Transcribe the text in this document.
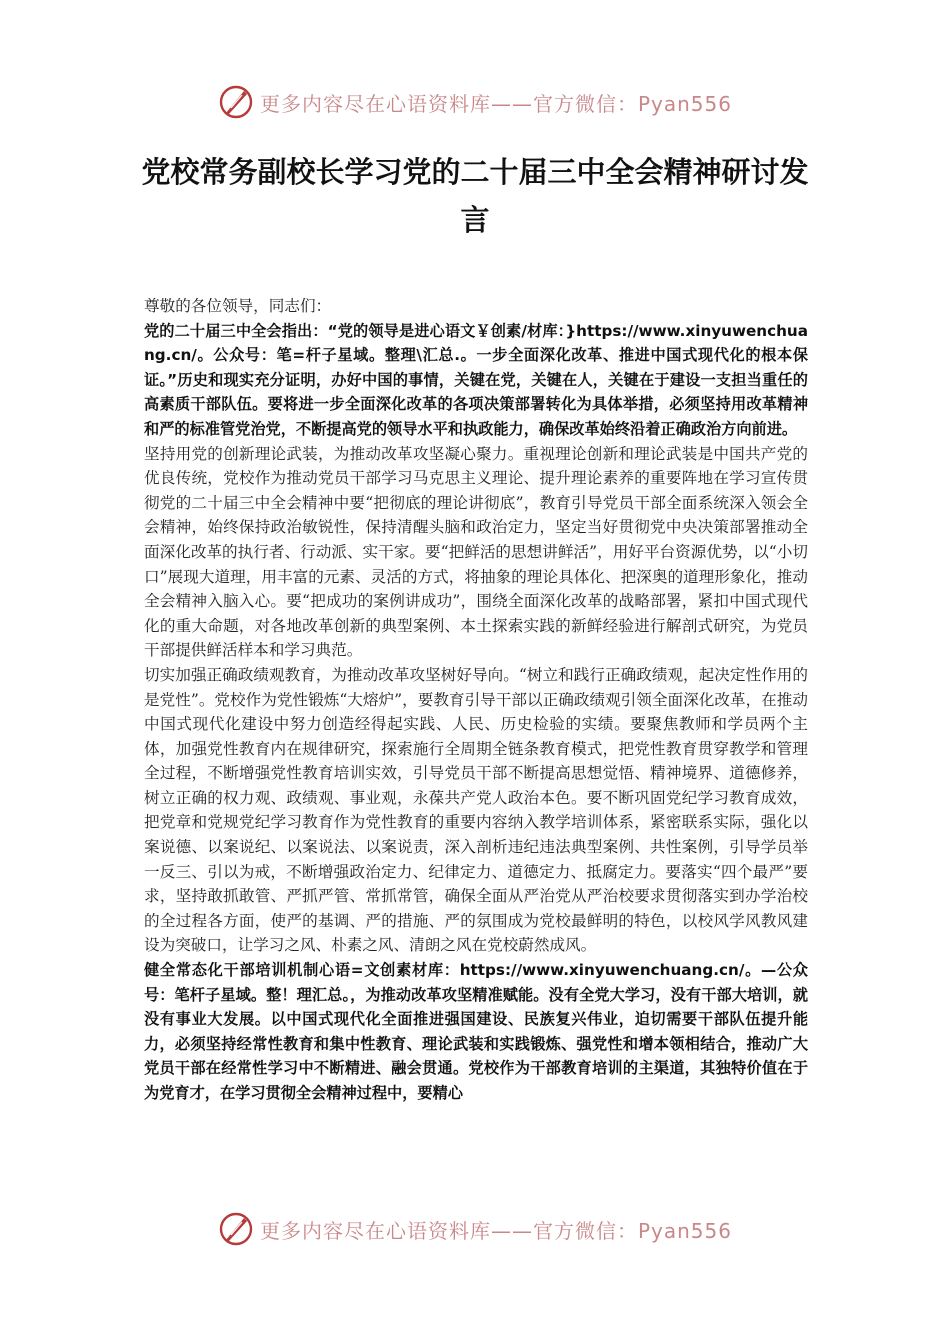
更多内容尽在心语资料库——官方微信：Pyan556
党校常务副校长学习党的二十届三中全会精神研讨发言

尊敬的各位领导，同志们：

党的二十届三中全会指出：“党的领导是进心语文￥创素/材库：}https://www.xinyuwenchuang.cn/。公众号：笔=杆子星域。整理\汇总.。一步全面深化改革、推进中国式现代化的根本保证。”历史和现实充分证明，办好中国的事情，关键在党，关键在人，关键在于建设一支担当重任的高素质干部队伍。要将进一步全面深化改革的各项决策部署转化为具体举措，必须坚持用改革精神和严的标准管党治党，不断提高党的领导水平和执政能力，确保改革始终沿着正确政治方向前进。

坚持用党的创新理论武装，为推动改革攻坚凝心聚力。重视理论创新和理论武装是中国共产党的优良传统，党校作为推动党员干部学习马克思主义理论、提升理论素养的重要阵地在学习宣传贯彻党的二十届三中全会精神中要“把彻底的理论讲彻底”，教育引导党员干部全面系统深入领会全会精神，始终保持政治敏锐性，保持清醒头脑和政治定力，坚定当好贯彻党中央决策部署推动全面深化改革的执行者、行动派、实干家。要“把鲜活的思想讲鲜活”，用好平台资源优势，以“小切口”展现大道理，用丰富的元素、灵活的方式，将抽象的理论具体化、把深奥的道理形象化，推动全会精神入脑入心。要“把成功的案例讲成功”，围绕全面深化改革的战略部署，紧扣中国式现代化的重大命题，对各地改革创新的典型案例、本土探索实践的新鲜经验进行解剖式研究，为党员干部提供鲜活样本和学习典范。

切实加强正确政绩观教育，为推动改革攻坚树好导向。“树立和践行正确政绩观，起决定性作用的是党性”。党校作为党性锻炼“大熔炉”，要教育引导干部以正确政绩观引领全面深化改革，在推动中国式现代化建设中努力创造经得起实践、人民、历史检验的实绩。要聚焦教师和学员两个主体，加强党性教育内在规律研究，探索施行全周期全链条教育模式，把党性教育贯穿教学和管理全过程，不断增强党性教育培训实效，引导党员干部不断提高思想觉悟、精神境界、道德修养，树立正确的权力观、政绩观、事业观，永葆共产党人政治本色。要不断巩固党纪学习教育成效，把党章和党规党纪学习教育作为党性教育的重要内容纳入教学培训体系，紧密联系实际，强化以案说德、以案说纪、以案说法、以案说责，深入剖析违纪违法典型案例、共性案例，引导学员举一反三、引以为戒，不断增强政治定力、纪律定力、道德定力、抵腐定力。要落实“四个最严”要求，坚持敢抓敢管、严抓严管、常抓常管，确保全面从严治党从严治校要求贯彻落实到办学治校的全过程各方面，使严的基调、严的措施、严的氛围成为党校最鲜明的特色，以校风学风教风建设为突破口，让学习之风、朴素之风、清朗之风在党校蔚然成风。

健全常态化干部培训机制心语=文创素材库：https://www.xinyuwenchuang.cn/。—公众号：笔杆子星域。整！理汇总。，为推动改革攻坚精准赋能。没有全党大学习，没有干部大培训，就没有事业大发展。以中国式现代化全面推进强国建设、民族复兴伟业，迫切需要干部队伍提升能力，必须坚持经常性教育和集中性教育、理论武装和实践锻炼、强党性和增本领相结合，推动广大党员干部在经常性学习中不断精进、融会贯通。党校作为干部教育培训的主渠道，其独特价值在于为党育才，在学习贯彻全会精神过程中，要精心

更多内容尽在心语资料库——官方微信：Pyan556
